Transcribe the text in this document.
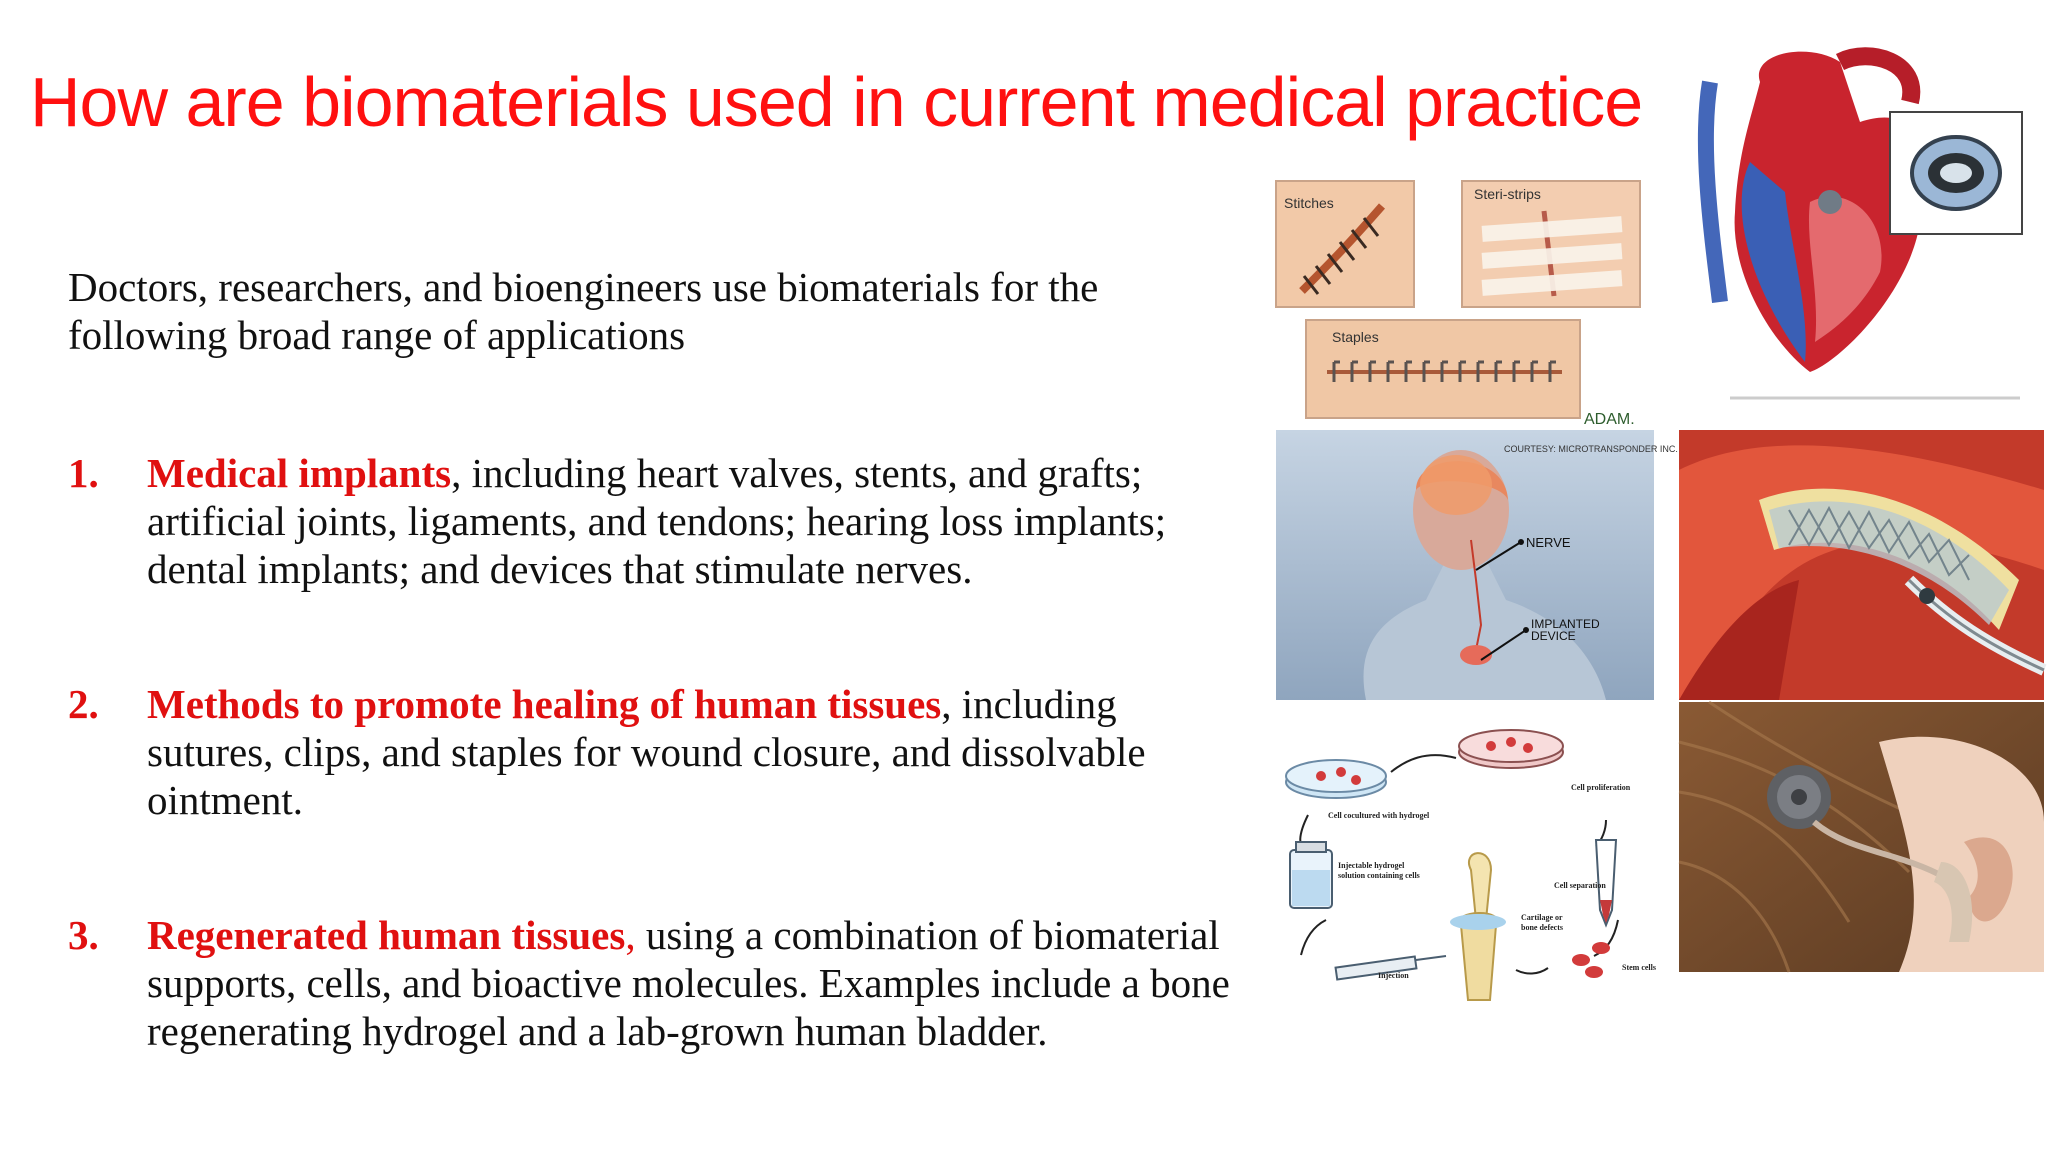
How are biomaterials used in current medical practice
Doctors, researchers, and bioengineers use biomaterials for the following broad range of applications
1.	Medical implants, including heart valves, stents, and grafts; artificial joints, ligaments, and tendons; hearing loss implants; dental implants; and devices that stimulate nerves.
2.	Methods to promote healing of human tissues, including sutures, clips, and staples for wound closure, and dissolvable ointment.
3.	Regenerated human tissues, using a combination of biomaterial supports, cells, and bioactive molecules. Examples include a bone regenerating hydrogel and a lab-grown human bladder.
Stitches
Steri-strips
Staples
ADAM.
COURTESY: MICROTRANSPONDER INC.
NERVE
IMPLANTED
DEVICE
Cell proliferation
Cell cocultured with hydrogel
Injectable hydrogel
solution containing cells
Cell separation
Cartilage or
bone defects
Injection
Stem cells
